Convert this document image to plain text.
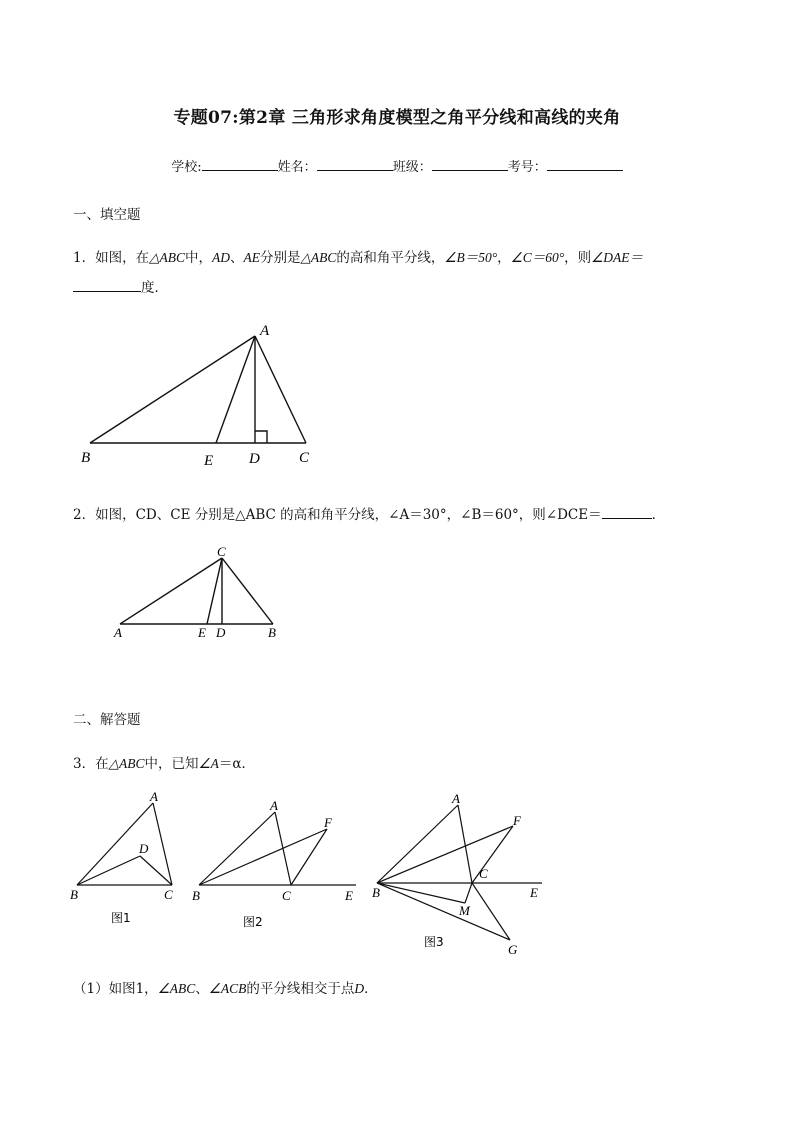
专题07:第2章 三角形求角度模型之角平分线和高线的夹角
学校:	姓名：	班级：	考号：
一、填空题
1．如图，在△ABC中，AD、AE分别是△ABC的高和角平分线，∠B＝50°，∠C＝60°，则∠DAE＝
度．
A
B	E D	C
2．如图，CD、CE 分别是△ABC 的高和角平分线，∠A＝30°，∠B＝60°，则∠DCE＝	．
C
A	E D	B
二、解答题
3．在△ABC中，已知∠A＝α．
A
D
B	C
图1
A
F
B	C	E
图2
A
F
C
B	E
M
G
图3
（1）如图1，∠ABC、∠ACB的平分线相交于点D．
